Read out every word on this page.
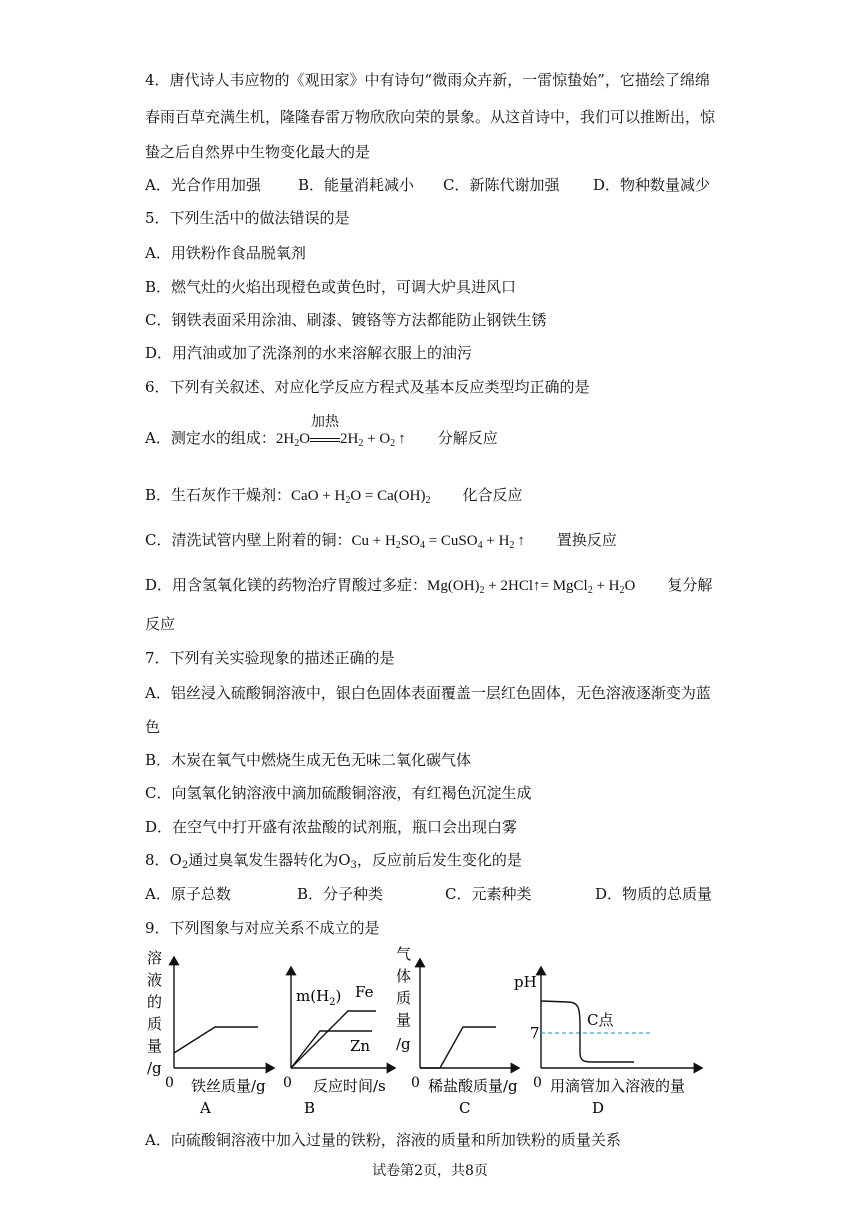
4．唐代诗人韦应物的《观田家》中有诗句“微雨众卉新，一雷惊蛰始”，它描绘了绵绵
春雨百草充满生机，隆隆春雷万物欣欣向荣的景象。从这首诗中，我们可以推断出，惊
蛰之后自然界中生物变化最大的是
A．光合作用加强 B．能量消耗减小 C．新陈代谢加强 D．物种数量减少
5．下列生活中的做法错误的是
A．用铁粉作食品脱氧剂
B．燃气灶的火焰出现橙色或黄色时，可调大炉具进风口
C．钢铁表面采用涂油、刷漆、镀铬等方法都能防止钢铁生锈
D．用汽油或加了洗涤剂的水来溶解衣服上的油污
6．下列有关叙述、对应化学反应方程式及基本反应类型均正确的是
A．测定水的组成：$2H_2O$
加热
$2H_2 + O_2$ ↑ 分解反应
B．生石灰作干燥剂：CaO + $H_2O = Ca(OH)_2$ 化合反应
C．清洗试管内壁上附着的铜：$Cu + H_2SO_4$ = CuSO$_4$ + $H_2$ ↑ 置换反应
D．用含氢氧化镁的药物治疗胃酸过多症：$Mg(OH)_2$ + 2HCl↑= MgCl$_2$ + $H_2O$ 复分解
反应
7．下列有关实验现象的描述正确的是
A．铝丝浸入硫酸铜溶液中，银白色固体表面覆盖一层红色固体，无色溶液逐渐变为蓝
色
B．木炭在氧气中燃烧生成无色无味二氧化碳气体
C．向氢氧化钠溶液中滴加硫酸铜溶液，有红褐色沉淀生成
D．在空气中打开盛有浓盐酸的试剂瓶，瓶口会出现白雾
8．$O_2$通过臭氧发生器转化为$O_3$，反应前后发生变化的是
A．原子总数	B．分子种类	C．元素种类	D．物质的总质量
9．下列图象与对应关系不成立的是
溶
液
的
质
量
/g
0 铁丝质量/g
A
$m(H_2)$ Fe
Zn
0 反应时间/s
B
气
体
质
量
/g
0 稀盐酸质量/g
C
pH
7
C点
0 用滴管加入溶液的量
D
A．向硫酸铜溶液中加入过量的铁粉，溶液的质量和所加铁粉的质量关系
试卷第2页，共8页
